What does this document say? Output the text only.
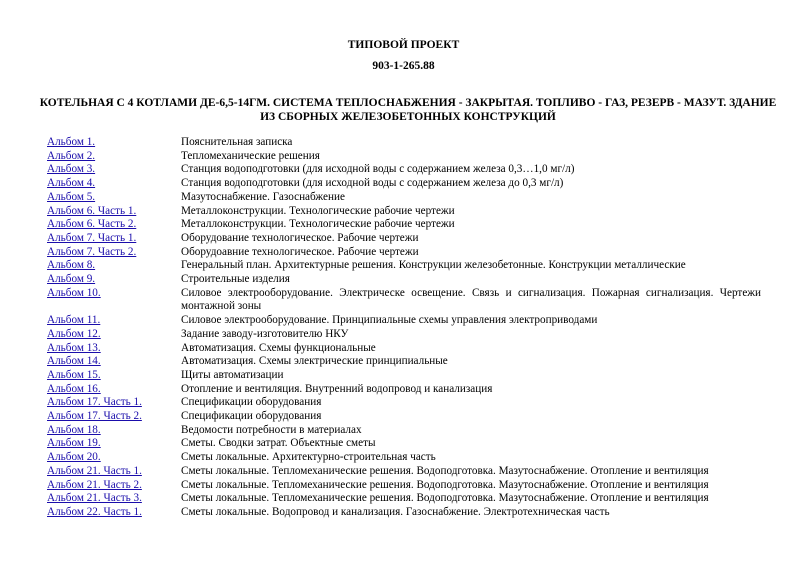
ТИПОВОЙ ПРОЕКТ
903-1-265.88
КОТЕЛЬНАЯ С 4 КОТЛАМИ ДЕ-6,5-14ГМ. СИСТЕМА ТЕПЛОСНАБЖЕНИЯ - ЗАКРЫТАЯ. ТОПЛИВО - ГАЗ, РЕЗЕРВ - МАЗУТ. ЗДАНИЕ ИЗ СБОРНЫХ ЖЕЛЕЗОБЕТОННЫХ КОНСТРУКЦИЙ
Альбом 1.	Пояснительная записка
Альбом 2.	Тепломеханические решения
Альбом 3.	Станция водоподготовки (для исходной воды с содержанием железа 0,3…1,0 мг/л)
Альбом 4.	Станция водоподготовки (для исходной воды с содержанием железа до 0,3 мг/л)
Альбом 5.	Мазутоснабжение. Газоснабжение
Альбом 6. Часть 1.	Металлоконструкции. Технологические рабочие чертежи
Альбом 6. Часть 2.	Металлоконструкции. Технологические рабочие чертежи
Альбом 7. Часть 1.	Оборудование технологическое. Рабочие чертежи
Альбом 7. Часть 2.	Оборудоавние технологическое. Рабочие чертежи
Альбом 8.	Генеральный план. Архитектурные решения. Конструкции железобетонные. Конструкции металлические
Альбом 9.	Строительные изделия
Альбом 10.	Силовое электрооборудование. Электрическе освещение. Связь и сигнализация. Пожарная сигнализация. Чертежи монтажной зоны
Альбом 11.	Силовое электрооборудование. Принципиальные схемы управления электроприводами
Альбом 12.	Задание заводу-изготовителю НКУ
Альбом 13.	Автоматизация. Схемы функциональные
Альбом 14.	Автоматизация. Схемы электрические принципиальные
Альбом 15.	Щиты автоматизации
Альбом 16.	Отопление и вентиляция. Внутренний водопровод и канализация
Альбом 17. Часть 1.	Спецификации оборудования
Альбом 17. Часть 2.	Спецификации оборудования
Альбом 18.	Ведомости потребности в материалах
Альбом 19.	Сметы. Сводки затрат. Объектные сметы
Альбом 20.	Сметы локальные. Архитектурно-строительная часть
Альбом 21. Часть 1.	Сметы локальные. Тепломеханические решения. Водоподготовка. Мазутоснабжение. Отопление и вентиляция
Альбом 21. Часть 2.	Сметы локальные. Тепломеханические решения. Водоподготовка. Мазутоснабжение. Отопление и вентиляция
Альбом 21. Часть 3.	Сметы локальные. Тепломеханические решения. Водоподготовка. Мазутоснабжение. Отопление и вентиляция
Альбом 22. Часть 1.	Сметы локальные. Водопровод и канализация. Газоснабжение. Электротехническая часть
